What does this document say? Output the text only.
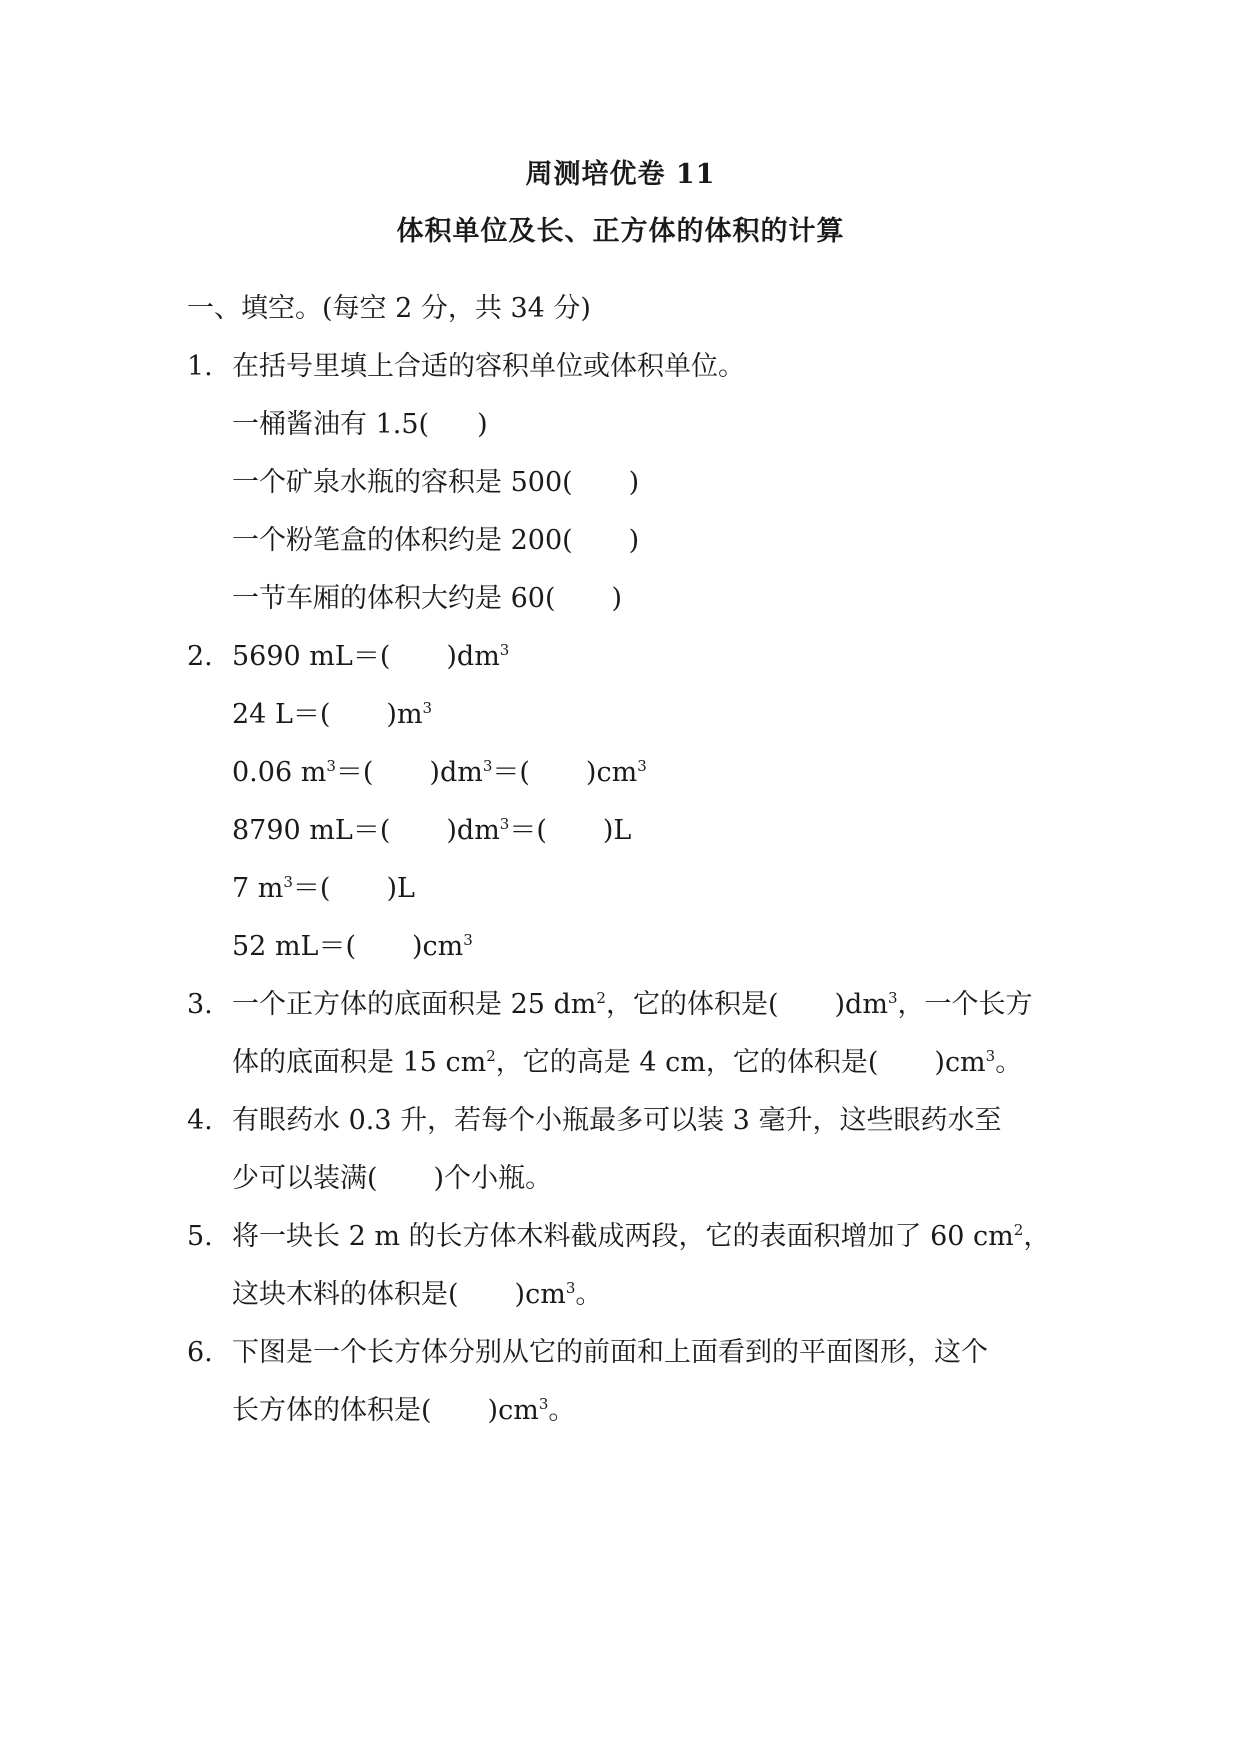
周测培优卷 11
体积单位及长、正方体的体积的计算
一、填空。(每空 2 分，共 34 分)
1. 在括号里填上合适的容积单位或体积单位。
一桶酱油有 1.5( )
一个矿泉水瓶的容积是 500( )
一个粉笔盒的体积约是 200( )
一节车厢的体积大约是 60( )
2. 5690 mL＝( )$dm^3$
24 L＝( )$m^3$
0.06 $m^3=$( )$dm^3=$( )$cm^3$
8790 mL＝( )$dm^3=$( )L
7 $m^3=$( )L
52 mL＝( )$cm^3$
3. 一个正方体的底面积是 25 $dm^2$，它的体积是( )$dm^3$，一个长方
体的底面积是 15 $cm^2$，它的高是 4 cm，它的体积是( )$cm^3$。
4. 有眼药水 0.3 升，若每个小瓶最多可以装 3 毫升，这些眼药水至
少可以装满( )个小瓶。
5. 将一块长 2 m 的长方体木料截成两段，它的表面积增加了 60 $cm^2$，
这块木料的体积是( )$cm^3$。
6. 下图是一个长方体分别从它的前面和上面看到的平面图形，这个
长方体的体积是( )$cm^3$。
